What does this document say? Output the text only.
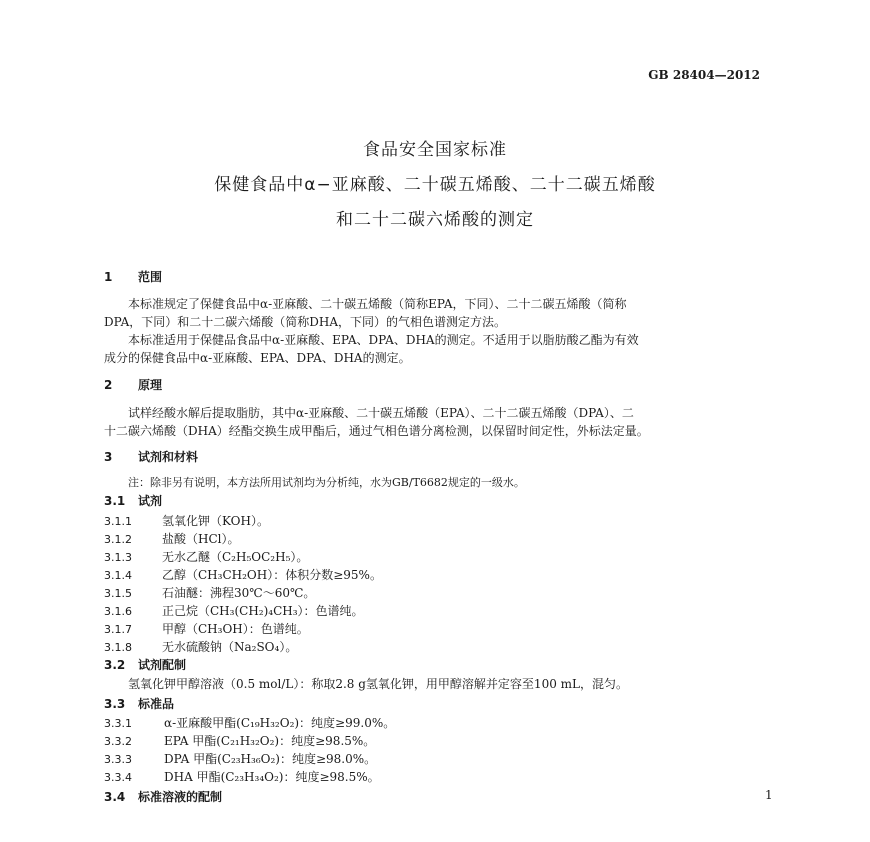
GB 28404—2012
食品安全国家标准
保健食品中α−亚麻酸、二十碳五烯酸、二十二碳五烯酸
和二十二碳六烯酸的测定
1 范围
本标准规定了保健食品中α-亚麻酸、二十碳五烯酸（简称EPA，下同）、二十二碳五烯酸（简称
DPA，下同）和二十二碳六烯酸（简称DHA，下同）的气相色谱测定方法。
本标准适用于保健品食品中α-亚麻酸、EPA、DPA、DHA的测定。不适用于以脂肪酸乙酯为有效
成分的保健食品中α-亚麻酸、EPA、DPA、DHA的测定。
2 原理
试样经酸水解后提取脂肪，其中α-亚麻酸、二十碳五烯酸（EPA）、二十二碳五烯酸（DPA）、二
十二碳六烯酸（DHA）经酯交换生成甲酯后，通过气相色谱分离检测，以保留时间定性，外标法定量。
3 试剂和材料
注：除非另有说明，本方法所用试剂均为分析纯，水为GB/T6682规定的一级水。
3.1 试剂
3.1.1	氢氧化钾（KOH）。
3.1.2	盐酸（HCl）。
3.1.3	无水乙醚（C₂H₅OC₂H₅）。
3.1.4	乙醇（CH₃CH₂OH）：体积分数≥95%。
3.1.5	石油醚：沸程30℃～60℃。
3.1.6	正己烷（CH₃(CH₂)₄CH₃）：色谱纯。
3.1.7	甲醇（CH₃OH）：色谱纯。
3.1.8	无水硫酸钠（Na₂SO₄）。
3.2 试剂配制
氢氧化钾甲醇溶液（0.5 mol/L）：称取2.8 g氢氧化钾，用甲醇溶解并定容至100 mL，混匀。
3.3 标准品
3.3.1	α-亚麻酸甲酯(C₁₉H₃₂O₂)：纯度≥99.0%。
3.3.2	EPA 甲酯(C₂₁H₃₂O₂)：纯度≥98.5%。
3.3.3	DPA 甲酯(C₂₃H₃₆O₂)：纯度≥98.0%。
3.3.4	DHA 甲酯(C₂₃H₃₄O₂)：纯度≥98.5%。
3.4 标准溶液的配制	1
